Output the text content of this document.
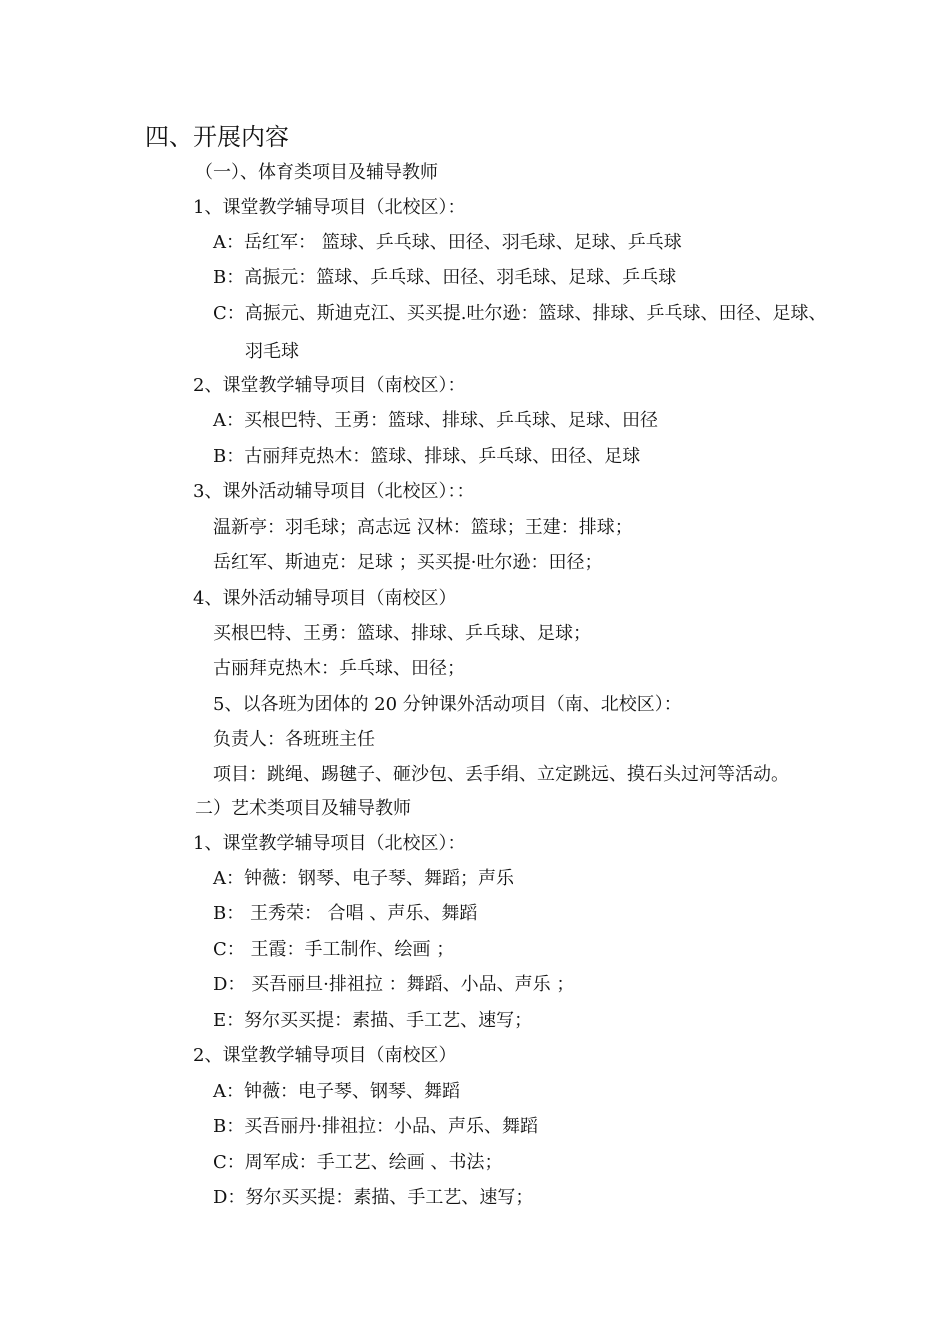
四、开展内容
（一）、体育类项目及辅导教师
1、课堂教学辅导项目（北校区）：
A：岳红军： 篮球、乒乓球、田径、羽毛球、足球、乒乓球
B：高振元：篮球、乒乓球、田径、羽毛球、足球、乒乓球
C：高振元、斯迪克江、买买提.吐尔逊：篮球、排球、乒乓球、田径、足球、
羽毛球
2、课堂教学辅导项目（南校区）：
A：买根巴特、王勇：篮球、排球、乒乓球、足球、田径
B：古丽拜克热木：篮球、排球、乒乓球、田径、足球
3、课外活动辅导项目（北校区）：：
温新亭：羽毛球；高志远 汉林：篮球；王建：排球；
岳红军、斯迪克：足球 ；买买提·吐尔逊：田径；
4、课外活动辅导项目（南校区）
买根巴特、王勇：篮球、排球、乒乓球、足球；
古丽拜克热木：乒乓球、田径；
5、以各班为团体的 20 分钟课外活动项目（南、北校区）：
负责人：各班班主任
项目：跳绳、踢毽子、砸沙包、丢手绢、立定跳远、摸石头过河等活动。
二）艺术类项目及辅导教师
1、课堂教学辅导项目（北校区）：
A：钟薇：钢琴、电子琴、舞蹈；声乐
B： 王秀荣： 合唱 、声乐、舞蹈
C： 王霞：手工制作、绘画 ；
D： 买吾丽旦·排祖拉 ：舞蹈、小品、声乐 ；
E：努尔买买提：素描、手工艺、速写；
2、课堂教学辅导项目（南校区）
A：钟薇：电子琴、钢琴、舞蹈
B：买吾丽丹·排祖拉：小品、声乐、舞蹈
C：周军成：手工艺、绘画 、书法；
D：努尔买买提：素描、手工艺、速写；
